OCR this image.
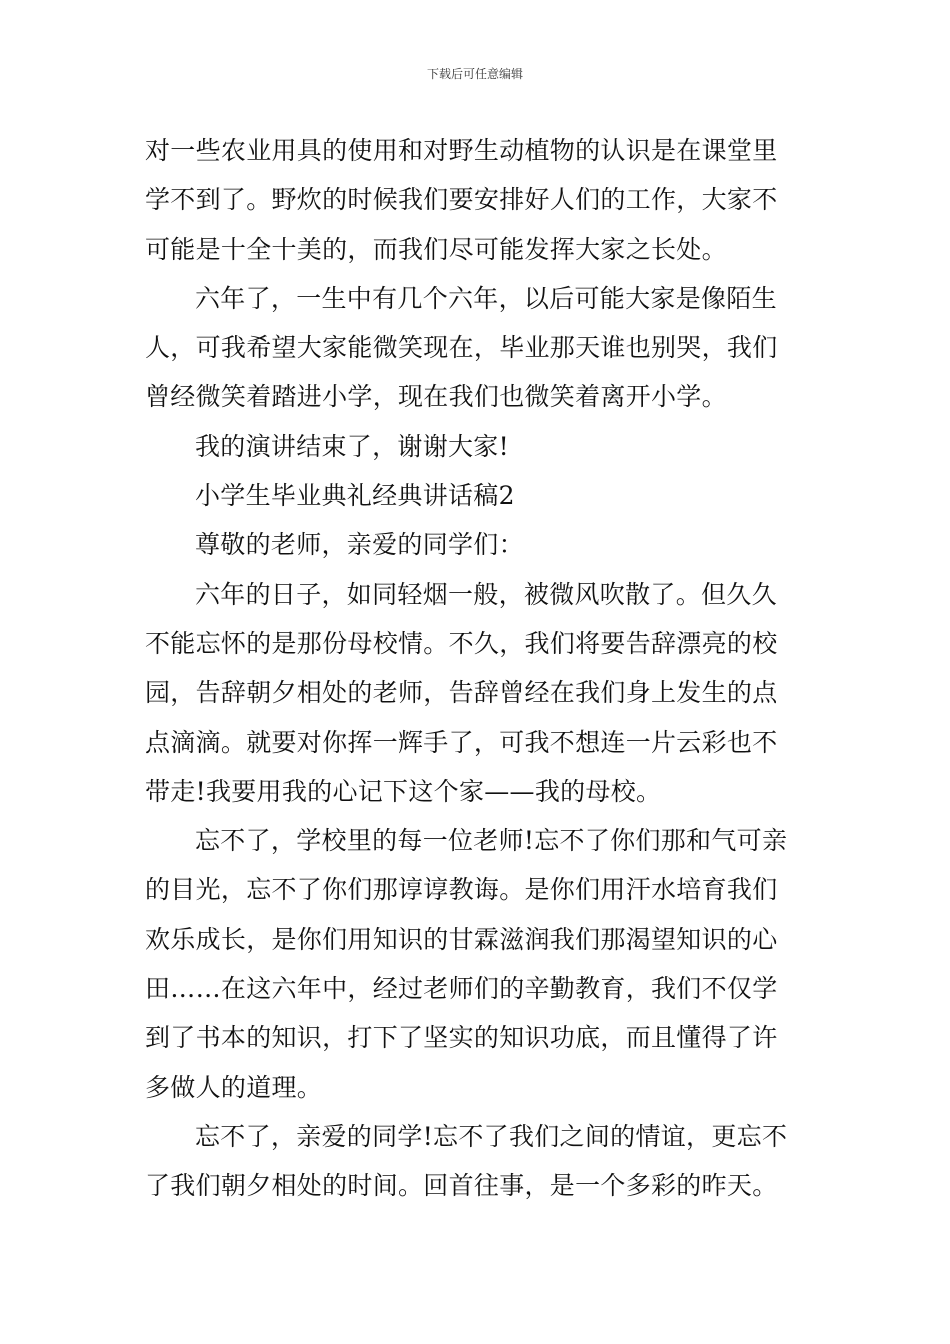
下载后可任意编辑
对一些农业用具的使用和对野生动植物的认识是在课堂里
学不到了。野炊的时候我们要安排好人们的工作，大家不
可能是十全十美的，而我们尽可能发挥大家之长处。
六年了，一生中有几个六年，以后可能大家是像陌生
人，可我希望大家能微笑现在，毕业那天谁也别哭，我们
曾经微笑着踏进小学，现在我们也微笑着离开小学。
我的演讲结束了，谢谢大家!
小学生毕业典礼经典讲话稿2
尊敬的老师，亲爱的同学们：
六年的日子，如同轻烟一般，被微风吹散了。但久久
不能忘怀的是那份母校情。不久，我们将要告辞漂亮的校
园，告辞朝夕相处的老师，告辞曾经在我们身上发生的点
点滴滴。就要对你挥一辉手了，可我不想连一片云彩也不
带走!我要用我的心记下这个家——我的母校。
忘不了，学校里的每一位老师!忘不了你们那和气可亲
的目光，忘不了你们那谆谆教诲。是你们用汗水培育我们
欢乐成长，是你们用知识的甘霖滋润我们那渴望知识的心
田……在这六年中，经过老师们的辛勤教育，我们不仅学
到了书本的知识，打下了坚实的知识功底，而且懂得了许
多做人的道理。
忘不了，亲爱的同学!忘不了我们之间的情谊，更忘不
了我们朝夕相处的时间。回首往事，是一个多彩的昨天。
